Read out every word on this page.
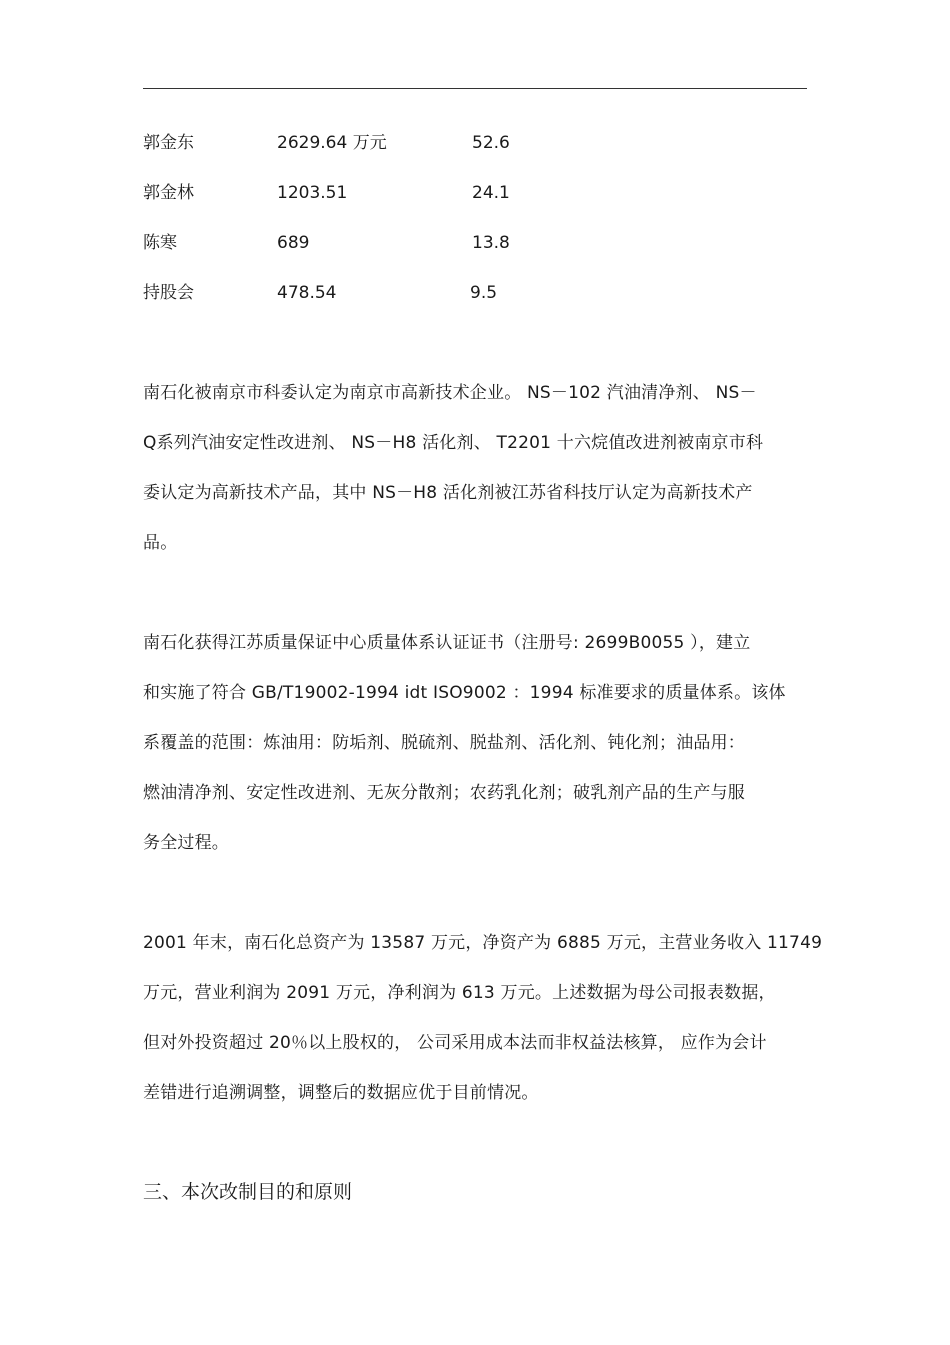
郭金东	2629.64 万元	52.6
郭金林	1203.51	24.1
陈寒	689	13.8
持股会	478.54	9.5

南石化被南京市科委认定为南京市高新技术企业。 NS－102 汽油清净剂、 NS－
Q系列汽油安定性改进剂、 NS－H8 活化剂、 T2201 十六烷值改进剂被南京市科
委认定为高新技术产品，其中 NS－H8 活化剂被江苏省科技厅认定为高新技术产
品。

南石化获得江苏质量保证中心质量体系认证证书（注册号: 2699B0055 ），建立
和实施了符合 GB/T19002-1994 idt ISO9002 ：1994 标准要求的质量体系。该体
系覆盖的范围：炼油用：防垢剂、脱硫剂、脱盐剂、活化剂、钝化剂；油品用：
燃油清净剂、安定性改进剂、无灰分散剂；农药乳化剂；破乳剂产品的生产与服
务全过程。

2001 年末，南石化总资产为 13587 万元，净资产为 6885 万元，主营业务收入 11749
万元，营业利润为 2091 万元，净利润为 613 万元。上述数据为母公司报表数据，
但对外投资超过 20％以上股权的， 公司采用成本法而非权益法核算， 应作为会计
差错进行追溯调整，调整后的数据应优于目前情况。

三、本次改制目的和原则
